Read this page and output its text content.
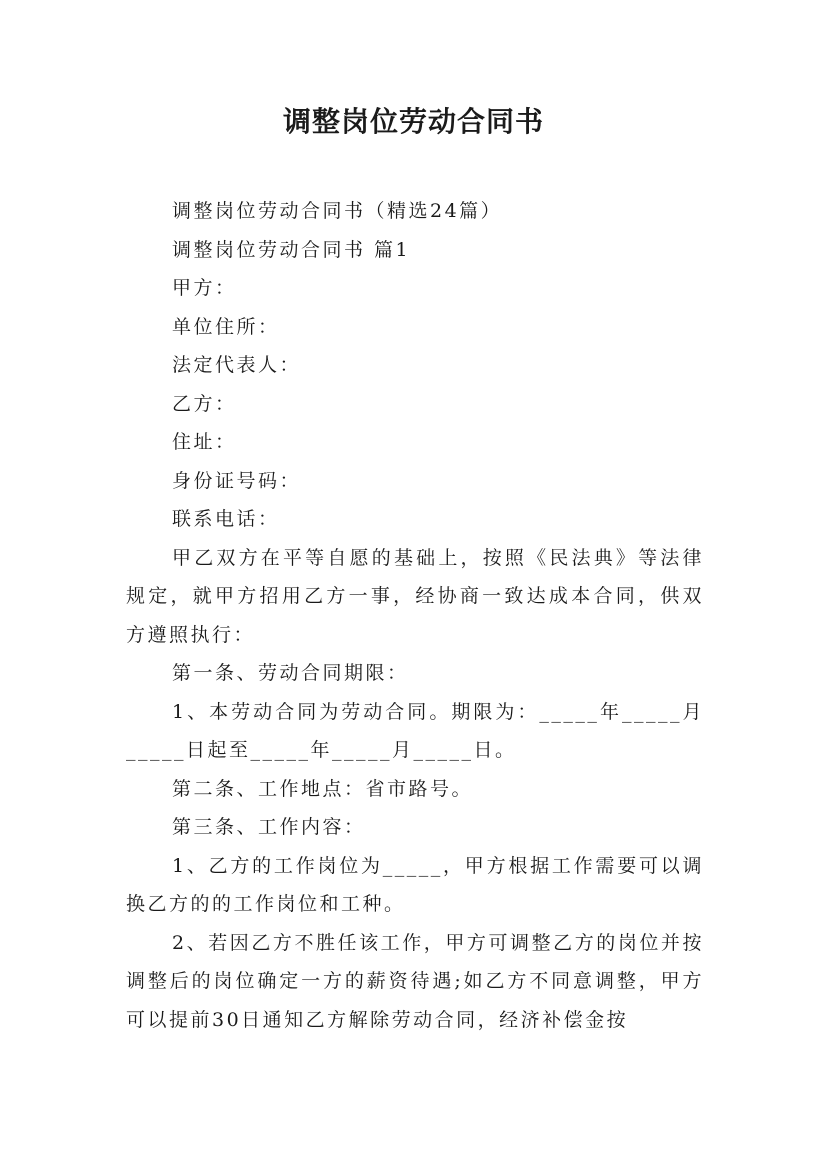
调整岗位劳动合同书

调整岗位劳动合同书（精选24篇）

调整岗位劳动合同书 篇1

甲方：

单位住所：

法定代表人：

乙方：

住址：

身份证号码：

联系电话：

甲乙双方在平等自愿的基础上，按照《民法典》等法律规定，就甲方招用乙方一事，经协商一致达成本合同，供双方遵照执行：

第一条、劳动合同期限：

1、本劳动合同为劳动合同。期限为：_____年_____月_____日起至_____年_____月_____日。

第二条、工作地点：省市路号。

第三条、工作内容：

1、乙方的工作岗位为_____，甲方根据工作需要可以调换乙方的的工作岗位和工种。

2、若因乙方不胜任该工作，甲方可调整乙方的岗位并按调整后的岗位确定一方的薪资待遇;如乙方不同意调整，甲方可以提前30日通知乙方解除劳动合同，经济补偿金按
